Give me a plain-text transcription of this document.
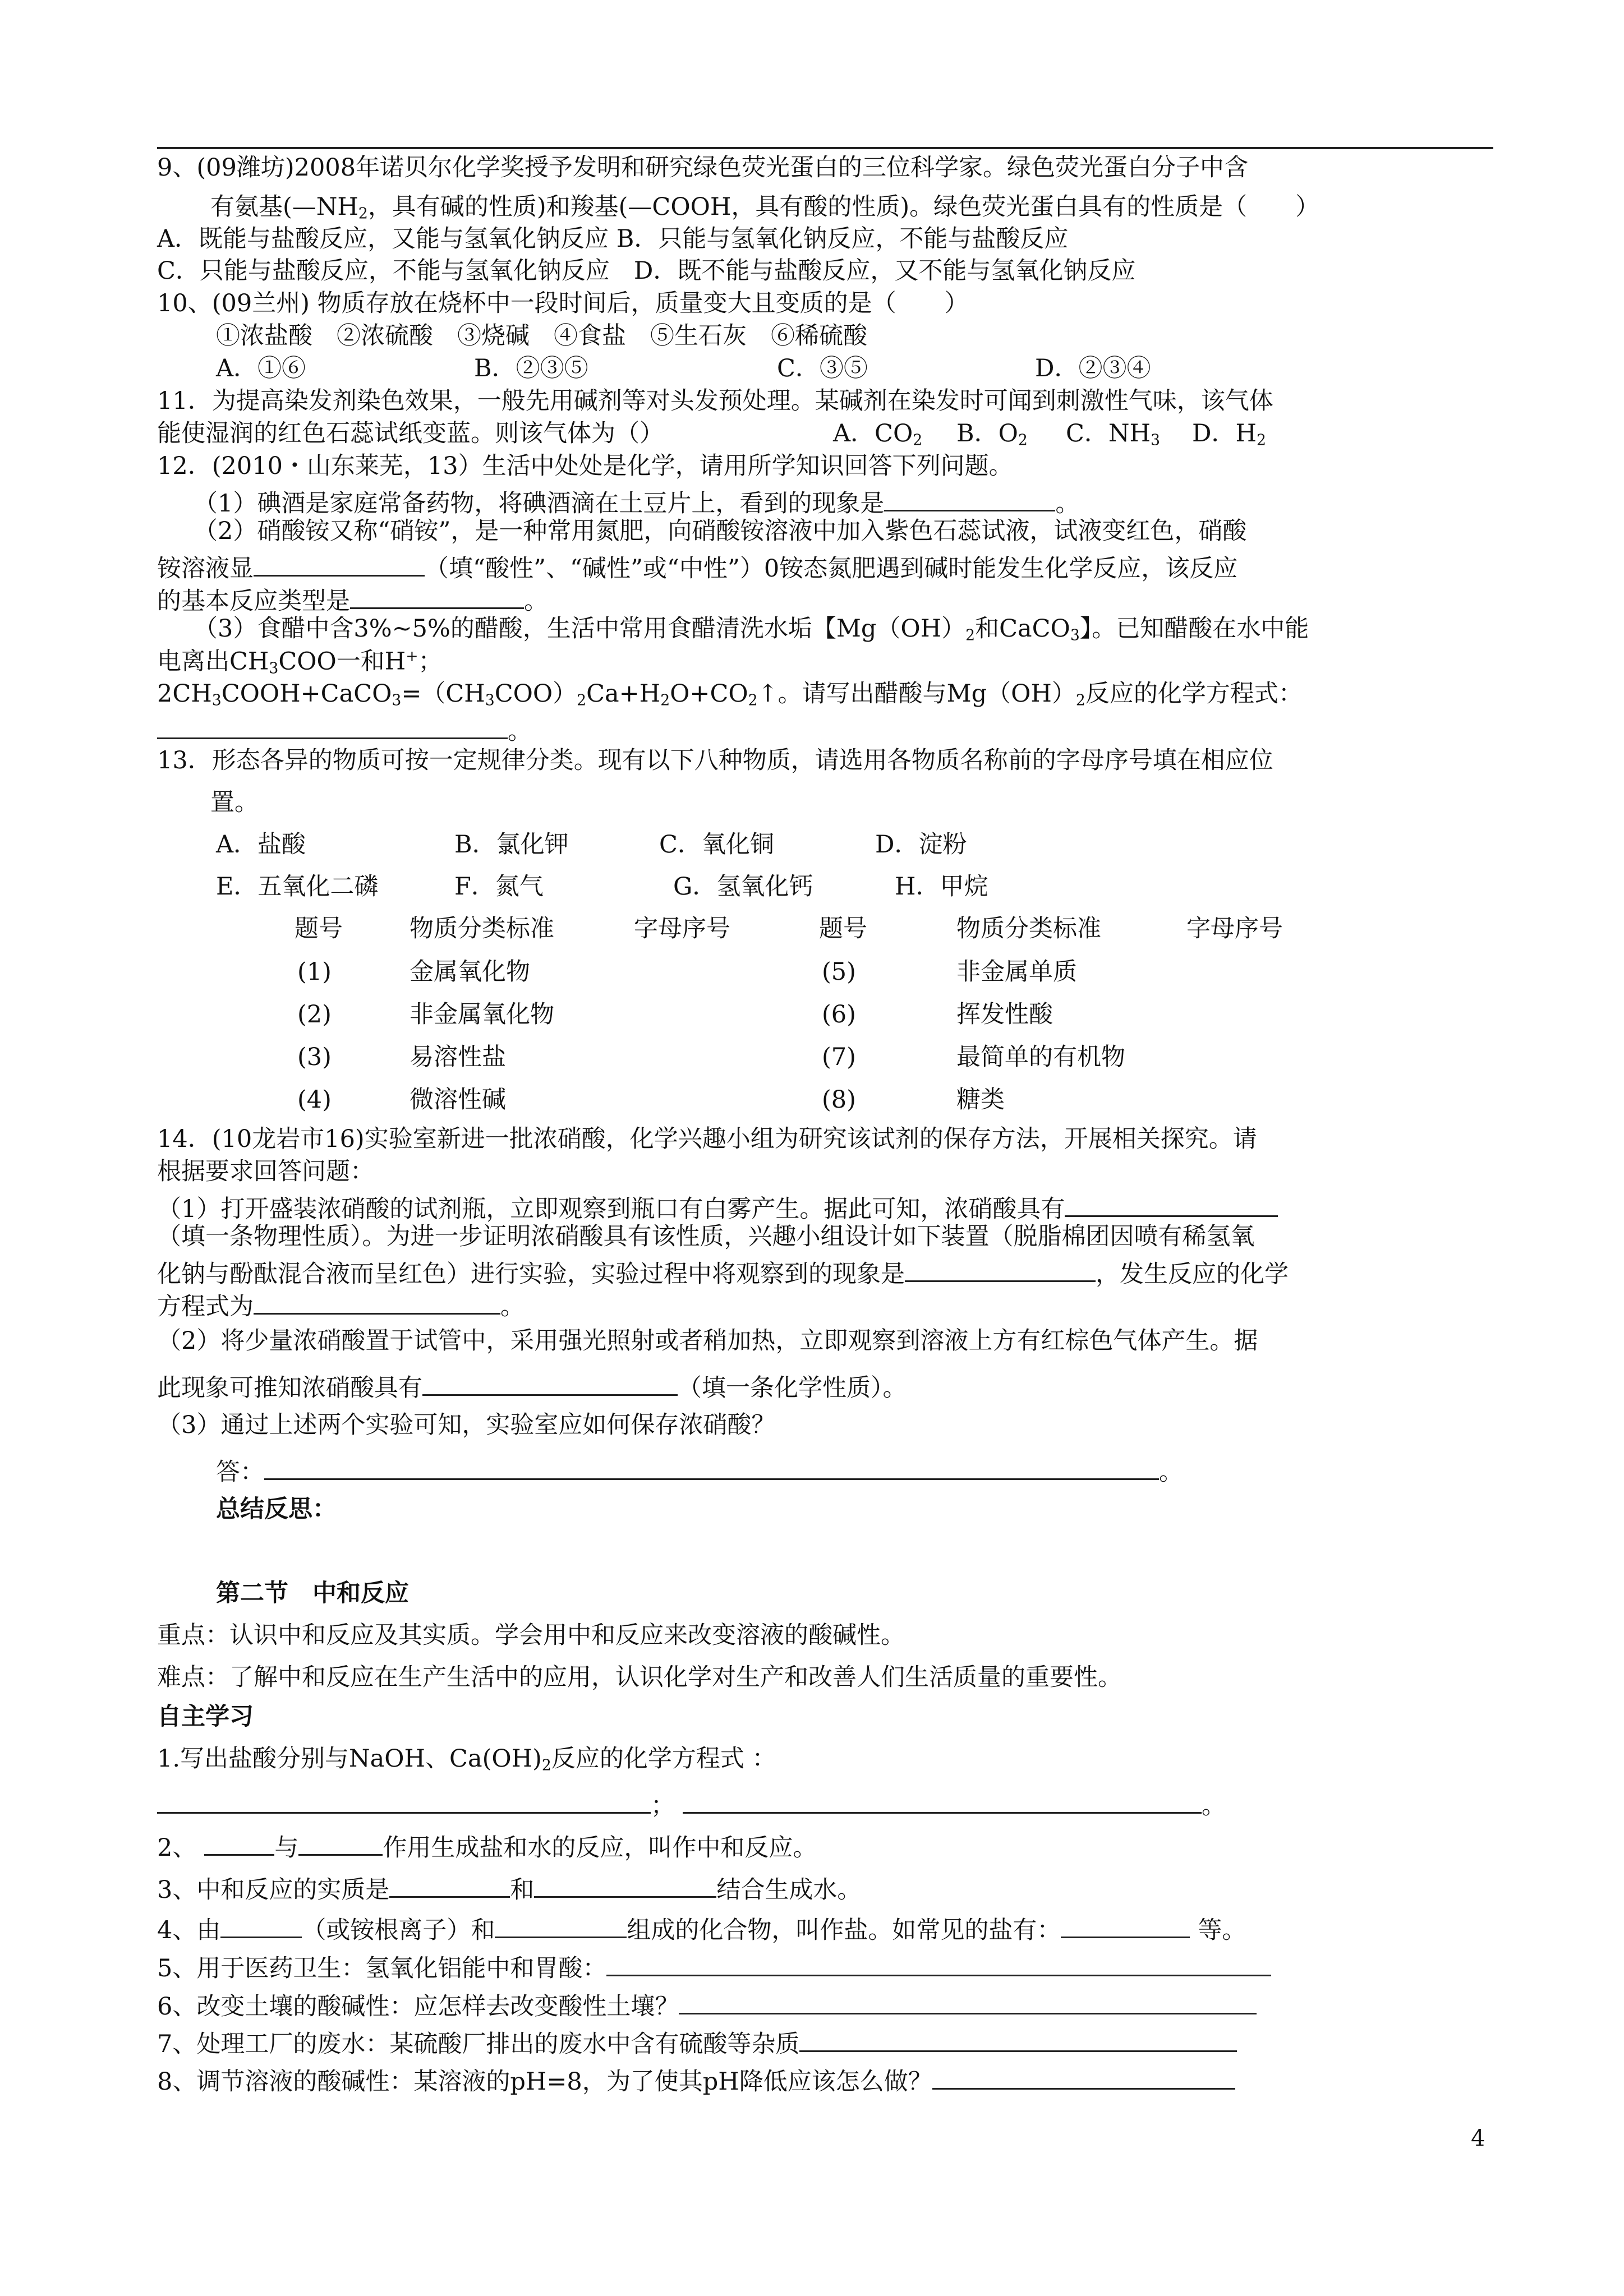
9、(09潍坊)2008年诺贝尔化学奖授予发明和研究绿色荧光蛋白的三位科学家。绿色荧光蛋白分子中含
有氨基($—NH_2$，具有碱的性质)和羧基(—COOH，具有酸的性质)。绿色荧光蛋白具有的性质是（　　）
A．既能与盐酸反应，又能与氢氧化钠反应 B．只能与氢氧化钠反应，不能与盐酸反应
C．只能与盐酸反应，不能与氢氧化钠反应　D．既不能与盐酸反应，又不能与氢氧化钠反应
10、(09兰州) 物质存放在烧杯中一段时间后，质量变大且变质的是（　　）
①浓盐酸　②浓硫酸　③烧碱　④食盐　⑤生石灰　⑥稀硫酸
A．①⑥	B．②③⑤	C．③⑤	D．②③④
11．为提高染发剂染色效果，一般先用碱剂等对头发预处理。某碱剂在染发时可闻到刺激性气味，该气体
能使湿润的红色石蕊试纸变蓝。则该气体为（）	A．$CO_2$ B．$O_2$ C．$NH_3$ D．$H_2$
12．(2010・山东莱芜，13）生活中处处是化学，请用所学知识回答下列问题。
（1）碘酒是家庭常备药物，将碘酒滴在土豆片上，看到的现象是	。
（2）硝酸铵又称“硝铵”，是一种常用氮肥，向硝酸铵溶液中加入紫色石蕊试液，试液变红色，硝酸
铵溶液显	（填“酸性”、“碱性”或“中性”）0铵态氮肥遇到碱时能发生化学反应，该反应
的基本反应类型是	。
（3）食醋中含3%~5%的醋酸，生活中常用食醋清洗水垢【$Mg(OH)_2$和CaCO$_3$】。已知醋酸在水中能
电离出$CH_3COO$一和H+；
$2CH_3COOH+CaCO_3=(CH_3COO)_2Ca+H_2O+CO_2↑$。请写出醋酸与$Mg(OH)_2$反应的化学方程式：
。
13．形态各异的物质可按一定规律分类。现有以下八种物质，请选用各物质名称前的字母序号填在相应位
置。
A．盐酸	B．氯化钾	C．氧化铜	D．淀粉
E．五氧化二磷	F．氮气	G．氢氧化钙	H．甲烷
题号	物质分类标准	字母序号	题号	物质分类标准	字母序号
(1)	金属氧化物	(5)	非金属单质
(2)	非金属氧化物	(6)	挥发性酸
(3)	易溶性盐	(7)	最简单的有机物
(4)	微溶性碱	(8)	糖类
14．(10龙岩市16)实验室新进一批浓硝酸，化学兴趣小组为研究该试剂的保存方法，开展相关探究。请
根据要求回答问题：
（1）打开盛装浓硝酸的试剂瓶，立即观察到瓶口有白雾产生。据此可知，浓硝酸具有
（填一条物理性质）。为进一步证明浓硝酸具有该性质，兴趣小组设计如下装置（脱脂棉团因喷有稀氢氧
化钠与酚酞混合液而呈红色）进行实验，实验过程中将观察到的现象是	，发生反应的化学
方程式为	。
（2）将少量浓硝酸置于试管中，采用强光照射或者稍加热，立即观察到溶液上方有红棕色气体产生。据
此现象可推知浓硝酸具有	（填一条化学性质）。
（3）通过上述两个实验可知，实验室应如何保存浓硝酸？
答：	。
总结反思：
第二节　中和反应
重点：认识中和反应及其实质。学会用中和反应来改变溶液的酸碱性。
难点：了解中和反应在生产生活中的应用，认识化学对生产和改善人们生活质量的重要性。
自主学习
1.写出盐酸分别与NaOH、$Ca(OH)_2$反应的化学方程式 ：
；	。
2、	与	作用生成盐和水的反应，叫作中和反应。
3、中和反应的实质是	和	结合生成水。
4、由	（或铵根离子）和	组成的化合物，叫作盐。如常见的盐有：	等。
5、用于医药卫生：氢氧化铝能中和胃酸：
6、改变土壤的酸碱性：应怎样去改变酸性土壤？
7、处理工厂的废水：某硫酸厂排出的废水中含有硫酸等杂质
8、调节溶液的酸碱性：某溶液的pH=8，为了使其pH降低应该怎么做？
4
